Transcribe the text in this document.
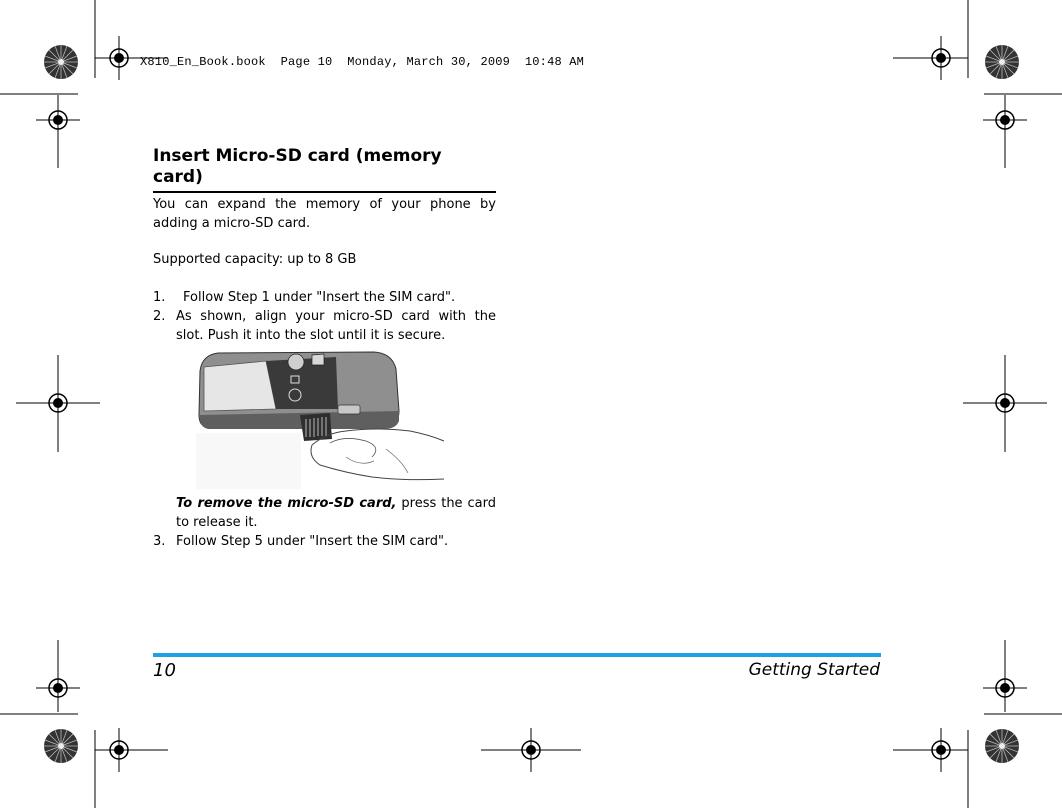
X810_En_Book.book  Page 10  Monday, March 30, 2009  10:48 AM
Insert Micro-SD card (memory card)
You can expand the memory of your phone by adding a micro-SD card.
Supported capacity: up to 8 GB
1. Follow Step 1 under "Insert the SIM card".
2. As shown, align your micro-SD card with the slot. Push it into the slot until it is secure.
To remove the micro-SD card, press the card to release it.
3. Follow Step 5 under "Insert the SIM card".
10	Getting Started
